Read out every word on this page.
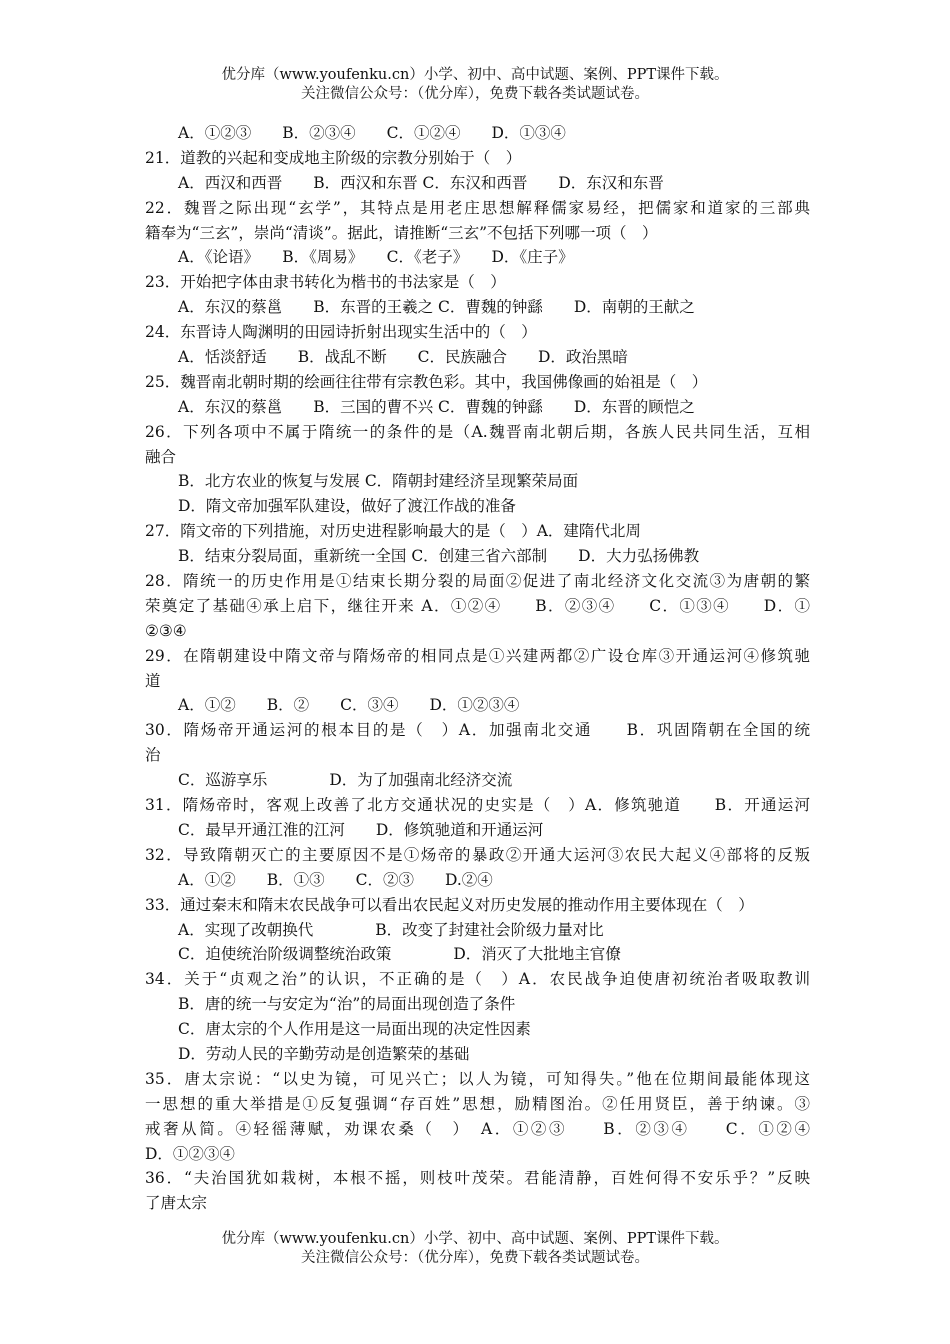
优分库（www.youfenku.cn）小学、初中、高中试题、案例、PPT课件下载。
关注微信公众号：（优分库），免费下载各类试题试卷。
A．①②③　　B．②③④　　C．①②④　　D．①③④
21．道教的兴起和变成地主阶级的宗教分别始于（　）
A．西汉和西晋　　B．西汉和东晋 C．东汉和西晋　　D．东汉和东晋
22．魏晋之际出现“玄学”，其特点是用老庄思想解释儒家易经，把儒家和道家的三部典
籍奉为“三玄”，崇尚“清谈”。据此，请推断“三玄”不包括下列哪一项（　）
A．《论语》　　B．《周易》　　C．《老子》　　D．《庄子》
23．开始把字体由隶书转化为楷书的书法家是（　）
A．东汉的蔡邕　　B．东晋的王羲之 C．曹魏的钟繇　　D．南朝的王献之
24．东晋诗人陶渊明的田园诗折射出现实生活中的（　）
A．恬淡舒适　　B．战乱不断　　C．民族融合　　D．政治黑暗
25．魏晋南北朝时期的绘画往往带有宗教色彩。其中，我国佛像画的始祖是（　）
A．东汉的蔡邕　　B．三国的曹不兴 C．曹魏的钟繇　　D．东晋的顾恺之
26．下列各项中不属于隋统一的条件的是（A.魏晋南北朝后期，各族人民共同生活，互相
融合
B．北方农业的恢复与发展 C．隋朝封建经济呈现繁荣局面
D．隋文帝加强军队建设，做好了渡江作战的准备
27．隋文帝的下列措施，对历史进程影响最大的是（　）A．建隋代北周
B．结束分裂局面，重新统一全国 C．创建三省六部制　　D．大力弘扬佛教
28．隋统一的历史作用是①结束长期分裂的局面②促进了南北经济文化交流③为唐朝的繁
荣奠定了基础④承上启下，继往开来 A．①②④　　B．②③④　　C．①③④　　D．①
②③④
29．在隋朝建设中隋文帝与隋炀帝的相同点是①兴建两都②广设仓库③开通运河④修筑驰
道
A．①②　　B．②　　C．③④　　D．①②③④
30．隋炀帝开通运河的根本目的是（　）A．加强南北交通　　B．巩固隋朝在全国的统
治
C．巡游享乐　　　　D．为了加强南北经济交流
31．隋炀帝时，客观上改善了北方交通状况的史实是（　）A．修筑驰道　　B．开通运河
C．最早开通江淮的江河　　D．修筑驰道和开通运河
32．导致隋朝灭亡的主要原因不是①炀帝的暴政②开通大运河③农民大起义④部将的反叛
A．①②　　B．①③　　C．②③　　D.②④
33．通过秦末和隋末农民战争可以看出农民起义对历史发展的推动作用主要体现在（　）
A．实现了改朝换代　　　　B．改变了封建社会阶级力量对比
C．迫使统治阶级调整统治政策　　　　D．消灭了大批地主官僚
34．关于“贞观之治”的认识，不正确的是（　）A．农民战争迫使唐初统治者吸取教训
B．唐的统一与安定为“治”的局面出现创造了条件
C．唐太宗的个人作用是这一局面出现的决定性因素
D．劳动人民的辛勤劳动是创造繁荣的基础
35．唐太宗说：“以史为镜，可见兴亡；以人为镜，可知得失。”他在位期间最能体现这
一思想的重大举措是①反复强调“存百姓”思想，励精图治。②任用贤臣，善于纳谏。③
戒奢从简。④轻徭薄赋，劝课农桑（　）　A．①②③　　B．②③④　　C．①②④
D．①②③④
36．“夫治国犹如栽树，本根不摇，则枝叶茂荣。君能清静，百姓何得不安乐乎？”反映
了唐太宗
优分库（www.youfenku.cn）小学、初中、高中试题、案例、PPT课件下载。
关注微信公众号：（优分库），免费下载各类试题试卷。
